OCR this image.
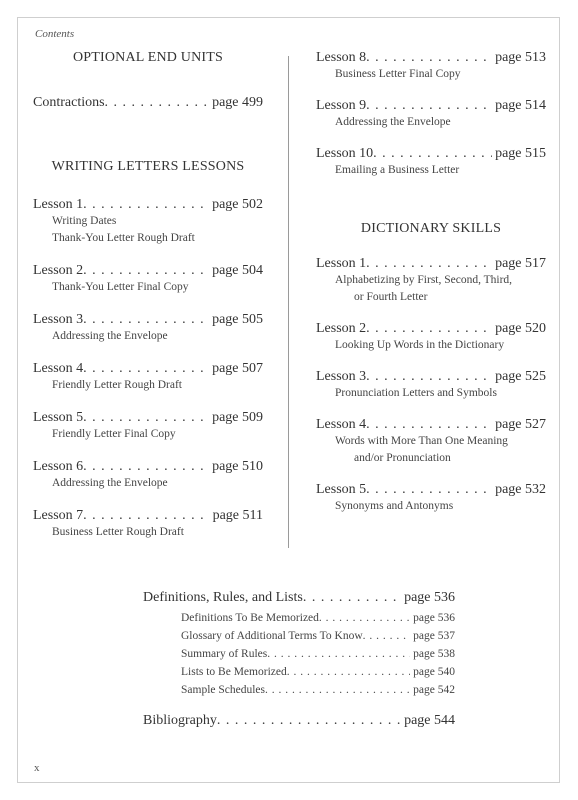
Contents

OPTIONAL END UNITS

Contractions . . .	page 499

WRITING LETTERS LESSONS

Lesson 1 . . .	page 502
Writing Dates
Thank-You Letter Rough Draft
Lesson 2 . . .	page 504
Thank-You Letter Final Copy
Lesson 3 . . .	page 505
Addressing the Envelope
Lesson 4 . . .	page 507
Friendly Letter Rough Draft
Lesson 5 . . .	page 509
Friendly Letter Final Copy
Lesson 6 . . .	page 510
Addressing the Envelope
Lesson 7 . . .	page 511
Business Letter Rough Draft
Lesson 8 . . .	page 513
Business Letter Final Copy
Lesson 9 . . .	page 514
Addressing the Envelope
Lesson 10 . . .	page 515
Emailing a Business Letter

DICTIONARY SKILLS

Lesson 1 . . .	page 517
Alphabetizing by First, Second, Third,
or Fourth Letter
Lesson 2 . . .	page 520
Looking Up Words in the Dictionary
Lesson 3 . . .	page 525
Pronunciation Letters and Symbols
Lesson 4 . . .	page 527
Words with More Than One Meaning
and/or Pronunciation
Lesson 5 . . .	page 532
Synonyms and Antonyms
Definitions, Rules, and Lists . . .	page 536
Definitions To Be Memorized . . .	page 536
Glossary of Additional Terms To Know . . .	page 537
Summary of Rules . . .	page 538
Lists to Be Memorized . . .	page 540
Sample Schedules . . .	page 542
Bibliography . . .	page 544
x
